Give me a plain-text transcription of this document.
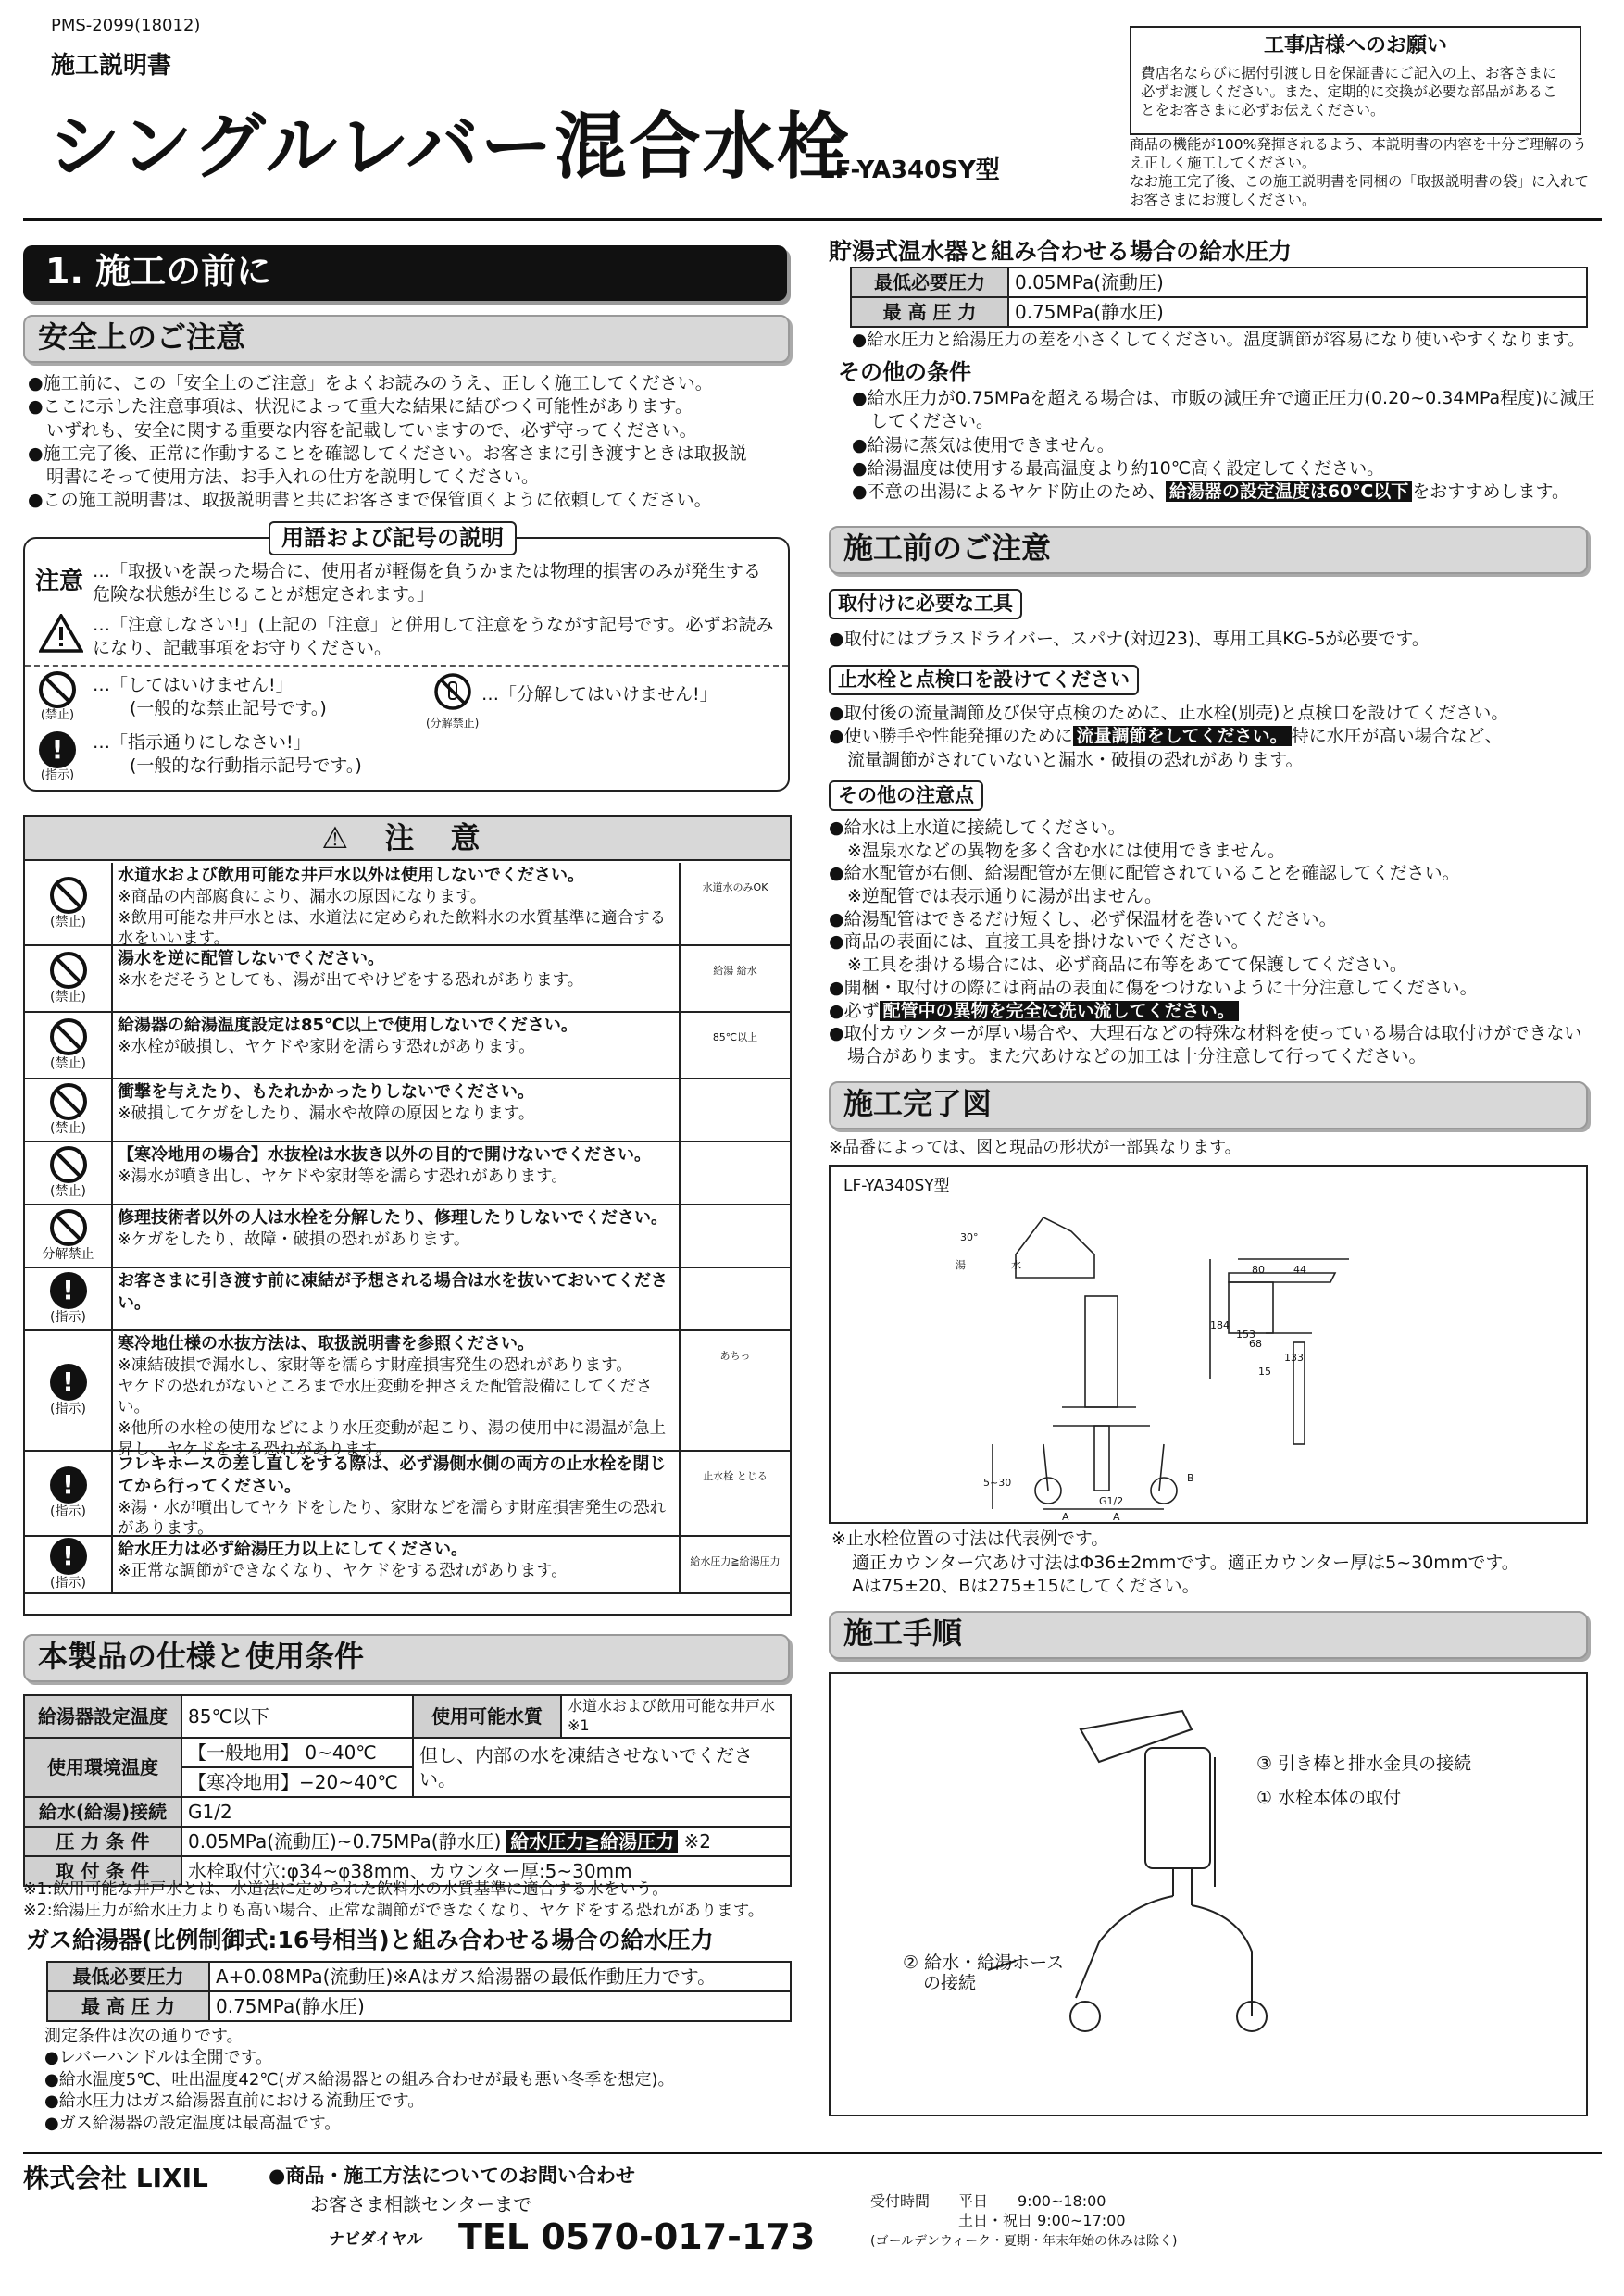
PMS-2099(18012)
施工説明書
シングルレバー混合水栓
LF-YA340SY型
工事店様へのお願い

費店名ならびに据付引渡し日を保証書にご記入の上、お客さまに必ずお渡しください。また、定期的に交換が必要な部品があることをお客さまに必ずお伝えください。

商品の機能が100%発揮されるよう、本説明書の内容を十分ご理解のうえ正しく施工してください。
なお施工完了後、この施工説明書を同梱の「取扱説明書の袋」に入れてお客さまにお渡しください。
1. 施工の前に
安全上のご注意
●施工前に、この「安全上のご注意」をよくお読みのうえ、正しく施工してください。
●ここに示した注意事項は、状況によって重大な結果に結びつく可能性があります。
いずれも、安全に関する重要な内容を記載していますので、必ず守ってください。
●施工完了後、正常に作動することを確認してください。お客さまに引き渡すときは取扱説
明書にそって使用方法、お手入れの仕方を説明してください。
●この施工説明書は、取扱説明書と共にお客さまで保管頂くように依頼してください。
用語および記号の説明
注意 …「取扱いを誤った場合に、使用者が軽傷を負うかまたは物理的損害のみが発生する危険な状態が生じることが想定されます。」
…「注意しなさい!」(上記の「注意」と併用して注意をうながす記号です。必ずお読みになり、記載事項をお守りください。
(禁止)
…「してはいけません!」
(一般的な禁止記号です。)
(分解禁止)
…「分解してはいけません!」
!
(指示)
…「指示通りにしなさい!」
(一般的な行動指示記号です。)
⚠ 注 意
(禁止)
水道水および飲用可能な井戸水以外は使用しないでください。
※商品の内部腐食により、漏水の原因になります。
※飲用可能な井戸水とは、水道法に定められた飲料水の水質基準に適合する水をいいます。
水道水のみOK
(禁止)
湯水を逆に配管しないでください。
※水をだそうとしても、湯が出てやけどをする恐れがあります。
給湯 給水
(禁止)
給湯器の給湯温度設定は85℃以上で使用しないでください。
※水栓が破損し、ヤケドや家財を濡らす恐れがあります。
85℃以上
(禁止)
衝撃を与えたり、もたれかかったりしないでください。
※破損してケガをしたり、漏水や故障の原因となります。
(禁止)
【寒冷地用の場合】水抜栓は水抜き以外の目的で開けないでください。
※湯水が噴き出し、ヤケドや家財等を濡らす恐れがあります。
分解禁止
修理技術者以外の人は水栓を分解したり、修理したりしないでください。
※ケガをしたり、故障・破損の恐れがあります。
!
(指示)
お客さまに引き渡す前に凍結が予想される場合は水を抜いておいてください。
!
(指示)
寒冷地仕様の水抜方法は、取扱説明書を参照ください。
※凍結破損で漏水し、家財等を濡らす財産損害発生の恐れがあります。
ヤケドの恐れがないところまで水圧変動を押さえた配管設備にしてください。
※他所の水栓の使用などにより水圧変動が起こり、湯の使用中に湯温が急上昇し、ヤケドをする恐れがあります。
あちっ
!
(指示)
フレキホースの差し直しをする際は、必ず湯側水側の両方の止水栓を閉じてから行ってください。
※湯・水が噴出してヤケドをしたり、家財などを濡らす財産損害発生の恐れがあります。
止水栓 とじる
!
(指示)
給水圧力は必ず給湯圧力以上にしてください。
※正常な調節ができなくなり、ヤケドをする恐れがあります。
給水圧力≧給湯圧力
本製品の仕様と使用条件
給湯器設定温度	85℃以下	使用可能水質	水道水および飲用可能な井戸水 ※1
使用環境温度	【一般地用】 0~40℃	但し、内部の水を凍結させないでください。	
	【寒冷地用】−20~40℃		
給水(給湯)接続	G1/2		
圧 力 条 件	0.05MPa(流動圧)~0.75MPa(静水圧) 給水圧力≧給湯圧力 ※2		
取 付 条 件	水栓取付穴:φ34~φ38mm、カウンター厚:5~30mm		
※1:飲用可能な井戸水とは、水道法に定められた飲料水の水質基準に適合する水をいう。
※2:給湯圧力が給水圧力よりも高い場合、正常な調節ができなくなり、ヤケドをする恐れがあります。
ガス給湯器(比例制御式:16号相当)と組み合わせる場合の給水圧力
最低必要圧力	A+0.08MPa(流動圧)※Aはガス給湯器の最低作動圧力です。
最 高 圧 力	0.75MPa(静水圧)
測定条件は次の通りです。
●レバーハンドルは全開です。
●給水温度5℃、吐出温度42℃(ガス給湯器との組み合わせが最も悪い冬季を想定)。
●給水圧力はガス給湯器直前における流動圧です。
●ガス給湯器の設定温度は最高温です。
貯湯式温水器と組み合わせる場合の給水圧力
最低必要圧力	0.05MPa(流動圧)
最 高 圧 力	0.75MPa(静水圧)
●給水圧力と給湯圧力の差を小さくしてください。温度調節が容易になり使いやすくなります。
その他の条件
●給水圧力が0.75MPaを超える場合は、市販の減圧弁で適正圧力(0.20~0.34MPa程度)に減圧してください。
●給湯に蒸気は使用できません。
●給湯温度は使用する最高温度より約10℃高く設定してください。
●不意の出湯によるヤケド防止のため、 給湯器の設定温度は60℃以下 をおすすめします。
施工前のご注意
取付けに必要な工具
●取付にはプラスドライバー、スパナ(対辺23)、専用工具KG-5が必要です。
止水栓と点検口を設けてください
●取付後の流量調節及び保守点検のために、止水栓(別売)と点検口を設けてください。
●使い勝手や性能発揮のために 流量調節をしてください。 特に水圧が高い場合など、
流量調節がされていないと漏水・破損の恐れがあります。
その他の注意点
●給水は上水道に接続してください。
※温泉水などの異物を多く含む水には使用できません。
●給水配管が右側、給湯配管が左側に配管されていることを確認してください。
※逆配管では表示通りに湯が出ません。
●給湯配管はできるだけ短くし、必ず保温材を巻いてください。
●商品の表面には、直接工具を掛けないでください。
※工具を掛ける場合には、必ず商品に布等をあてて保護してください。
●開梱・取付けの際には商品の表面に傷をつけないように十分注意してください。
●必ず 配管中の異物を完全に洗い流してください。
●取付カウンターが厚い場合や、大理石などの特殊な材料を使っている場合は取付けができない場合があります。また穴あけなどの加工は十分注意して行ってください。
施工完了図
※品番によっては、図と現品の形状が一部異なります。
LF-YA340SY型
80	44
184
153
68
15
133
5~30
G1/2
A	A
B
30°
湯	水
※止水栓位置の寸法は代表例です。
適正カウンター穴あけ寸法はΦ36±2mmです。適正カウンター厚は5~30mmです。
Aは75±20、Bは275±15にしてください。
施工手順
③ 引き棒と排水金具の接続
① 水栓本体の取付
② 給水・給湯ホース
の接続
株式会社 LIXIL	●商品・施工方法についてのお問い合わせ
お客さま相談センターまで
ナビダイヤル TEL 0570-017-173
受付時間 平日　　9:00~18:00
土日・祝日 9:00~17:00
(ゴールデンウィーク・夏期・年末年始の休みは除く)
